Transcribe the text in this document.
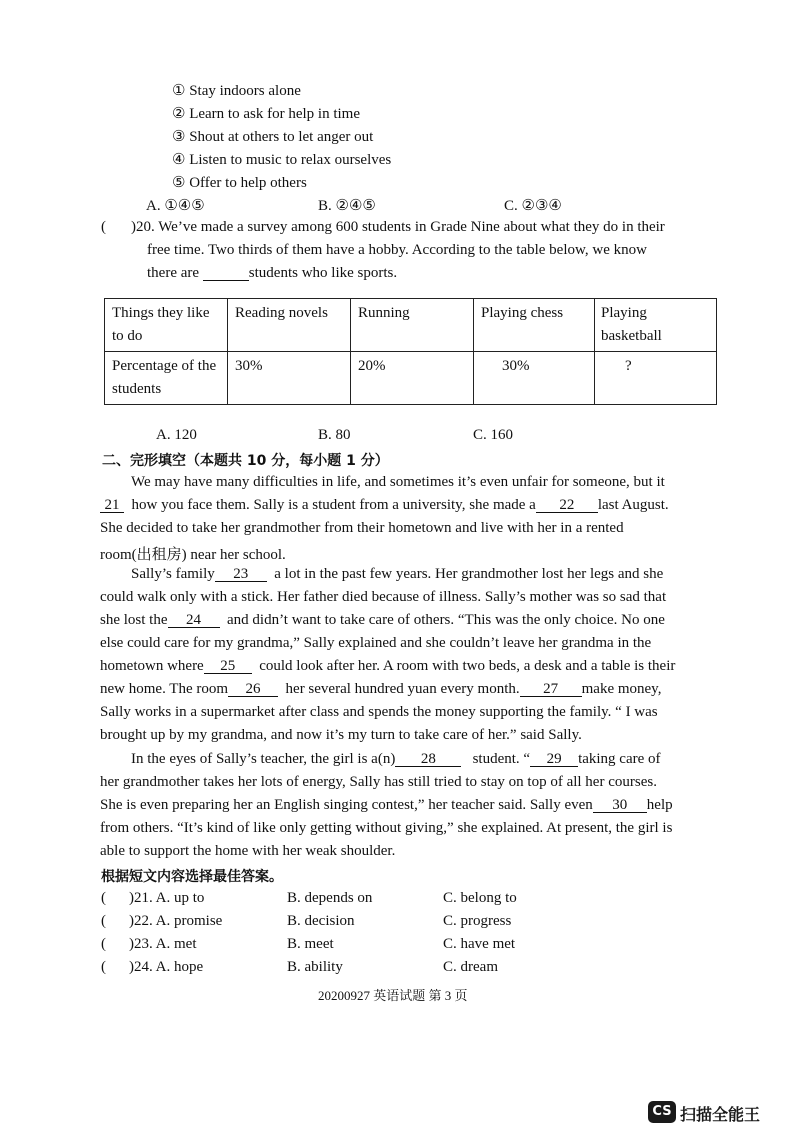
① Stay indoors alone
② Learn to ask for help in time
③ Shout at others to let anger out
④ Listen to music to relax ourselves
⑤ Offer to help others
A. ①④⑤	B. ②④⑤	C. ②③④
( )20. We’ve made a survey among 600 students in Grade Nine about what they do in their
free time. Two thirds of them have a hobby. According to the table below, we know
there are	students who like sports.
Things they like to do	Reading novels	Running	Playing chess	Playing basketball
Percentage of the students	30%	20%	30%	?
A. 120	B. 80	C. 160
二、完形填空（本题共 10 分，每小题 1 分）
We may have many difficulties in life, and sometimes it’s even unfair for someone, but it
21 how you face them. Sally is a student from a university, she made a 22 last August.
She decided to take her grandmother from their hometown and live with her in a rented
room(出租房) near her school.
Sally’s family 23 a lot in the past few years. Her grandmother lost her legs and she
could walk only with a stick. Her father died because of illness. Sally’s mother was so sad that
she lost the 24 and didn’t want to take care of others. “This was the only choice. No one
else could care for my grandma,” Sally explained and she couldn’t leave her grandma in the
hometown where 25 could look after her. A room with two beds, a desk and a table is their
new home. The room 26 her several hundred yuan every month. 27 make money,
Sally works in a supermarket after class and spends the money supporting the family. “ I was
brought up by my grandma, and now it’s my turn to take care of her.” said Sally.
In the eyes of Sally’s teacher, the girl is a(n) 28 student. “ 29 taking care of
her grandmother takes her lots of energy, Sally has still tried to stay on top of all her courses.
She is even preparing her an English singing contest,” her teacher said. Sally even 30 help
from others. “It’s kind of like only getting without giving,” she explained. At present, the girl is
able to support the home with her weak shoulder.
根据短文内容选择最佳答案。
( )21. A. up to	B. depends on	C. belong to
( )22. A. promise	B. decision	C. progress
( )23. A. met	B. meet	C. have met
( )24. A. hope	B. ability	C. dream
20200927 英语试题 第 3 页
CS 扫描全能王
